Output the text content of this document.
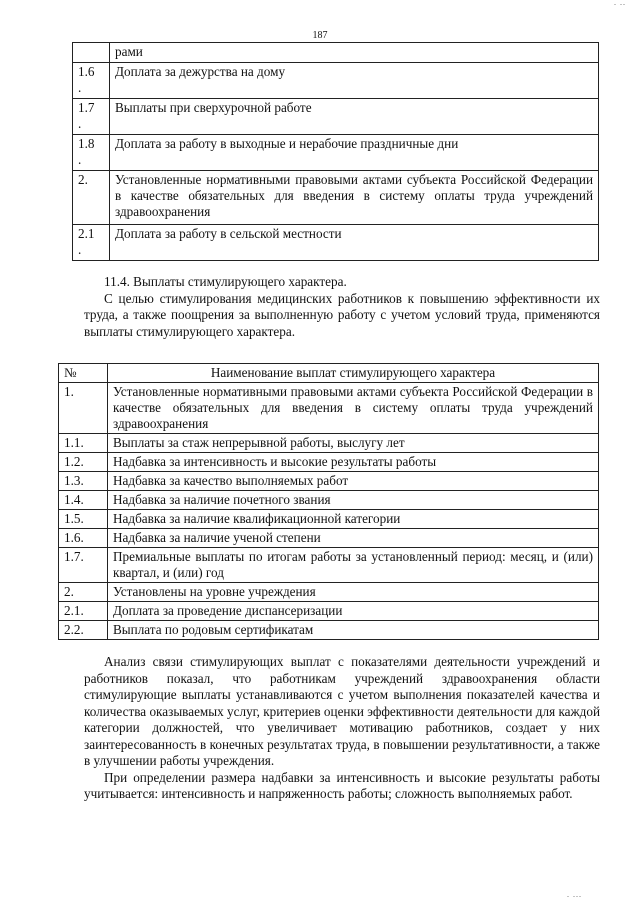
. ..
187
	рами
1.6
.	Доплата за дежурства на дому
1.7
.	Выплаты при сверхурочной работе
1.8
.	Доплата за работу в выходные и нерабочие праздничные дни
2.	Установленные нормативными правовыми актами субъекта Российской Федерации в качестве обязательных для введения в систему оплаты труда учреждений здравоохранения
2.1
.	Доплата за работу в сельской местности

11.4. Выплаты стимулирующего характера.

С целью стимулирования медицинских работников к повышению эффективности их труда, а также поощрения за выполненную работу с учетом условий труда, применяются выплаты стимулирующего характера.

№	Наименование выплат стимулирующего характера
1.	Установленные нормативными правовыми актами субъекта Российской Федерации в качестве обязательных для введения в систему оплаты труда учреждений здравоохранения
1.1.	Выплаты за стаж непрерывной работы, выслугу лет
1.2.	Надбавка за интенсивность и высокие результаты работы
1.3.	Надбавка за качество выполняемых работ
1.4.	Надбавка за наличие почетного звания
1.5.	Надбавка за наличие квалификационной категории
1.6.	Надбавка за наличие ученой степени
1.7.	Премиальные выплаты по итогам работы за установленный период: месяц, и (или) квартал, и (или) год
2.	Установлены на уровне учреждения
2.1.	Доплата за проведение диспансеризации
2.2.	Выплата по родовым сертификатам

Анализ связи стимулирующих выплат с показателями деятельности учреждений и работников показал, что работникам учреждений здравоохранения области стимулирующие выплаты устанавливаются с учетом выполнения показателей качества и количества оказываемых услуг, критериев оценки эффективности деятельности для каждой категории должностей, что увеличивает мотивацию работников, создает у них заинтересованность в конечных результатах труда, в повышении результативности, а также в улучшении работы учреждения.

При определении размера надбавки за интенсивность и высокие результаты работы учитывается: интенсивность и напряженность работы; сложность выполняемых работ.

. ...
